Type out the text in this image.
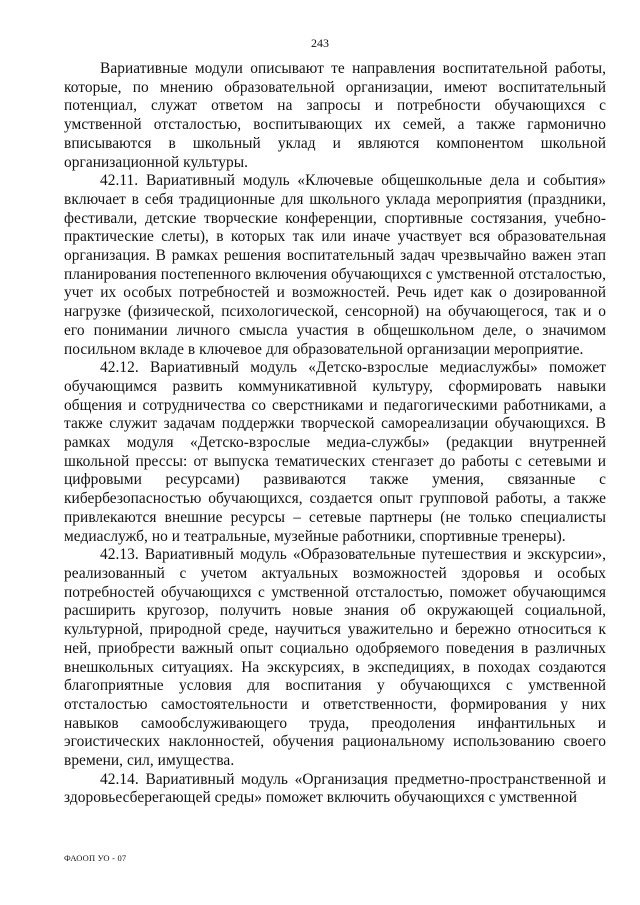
243

Вариативные модули описывают те направления воспитательной работы, которые, по мнению образовательной организации, имеют воспитательный потенциал, служат ответом на запросы и потребности обучающихся с умственной отсталостью, воспитывающих их семей, а также гармонично вписываются в школьный уклад и являются компонентом школьной организационной культуры.

42.11. Вариативный модуль «Ключевые общешкольные дела и события» включает в себя традиционные для школьного уклада мероприятия (праздники, фестивали, детские творческие конференции, спортивные состязания, учебно-практические слеты), в которых так или иначе участвует вся образовательная организация. В рамках решения воспитательный задач чрезвычайно важен этап планирования постепенного включения обучающихся с умственной отсталостью, учет их особых потребностей и возможностей. Речь идет как о дозированной нагрузке (физической, психологической, сенсорной) на обучающегося, так и о его понимании личного смысла участия в общешкольном деле, о значимом посильном вкладе в ключевое для образовательной организации мероприятие.

42.12. Вариативный модуль «Детско-взрослые медиаслужбы» поможет обучающимся развить коммуникативной культуру, сформировать навыки общения и сотрудничества со сверстниками и педагогическими работниками, а также служит задачам поддержки творческой самореализации обучающихся. В рамках модуля «Детско-взрослые медиа-службы» (редакции внутренней школьной прессы: от выпуска тематических стенгазет до работы с сетевыми и цифровыми ресурсами) развиваются также умения, связанные с кибербезопасностью обучающихся, создается опыт групповой работы, а также привлекаются внешние ресурсы – сетевые партнеры (не только специалисты медиаслужб, но и театральные, музейные работники, спортивные тренеры).

42.13. Вариативный модуль «Образовательные путешествия и экскурсии», реализованный с учетом актуальных возможностей здоровья и особых потребностей обучающихся с умственной отсталостью, поможет обучающимся расширить кругозор, получить новые знания об окружающей социальной, культурной, природной среде, научиться уважительно и бережно относиться к ней, приобрести важный опыт социально одобряемого поведения в различных внешкольных ситуациях. На экскурсиях, в экспедициях, в походах создаются благоприятные условия для воспитания у обучающихся с умственной отсталостью самостоятельности и ответственности, формирования у них навыков самообслуживающего труда, преодоления инфантильных и эгоистических наклонностей, обучения рациональному использованию своего времени, сил, имущества.

42.14. Вариативный модуль «Организация предметно-пространственной и здоровьесберегающей среды» поможет включить обучающихся с умственной

ФАООП УО - 07
